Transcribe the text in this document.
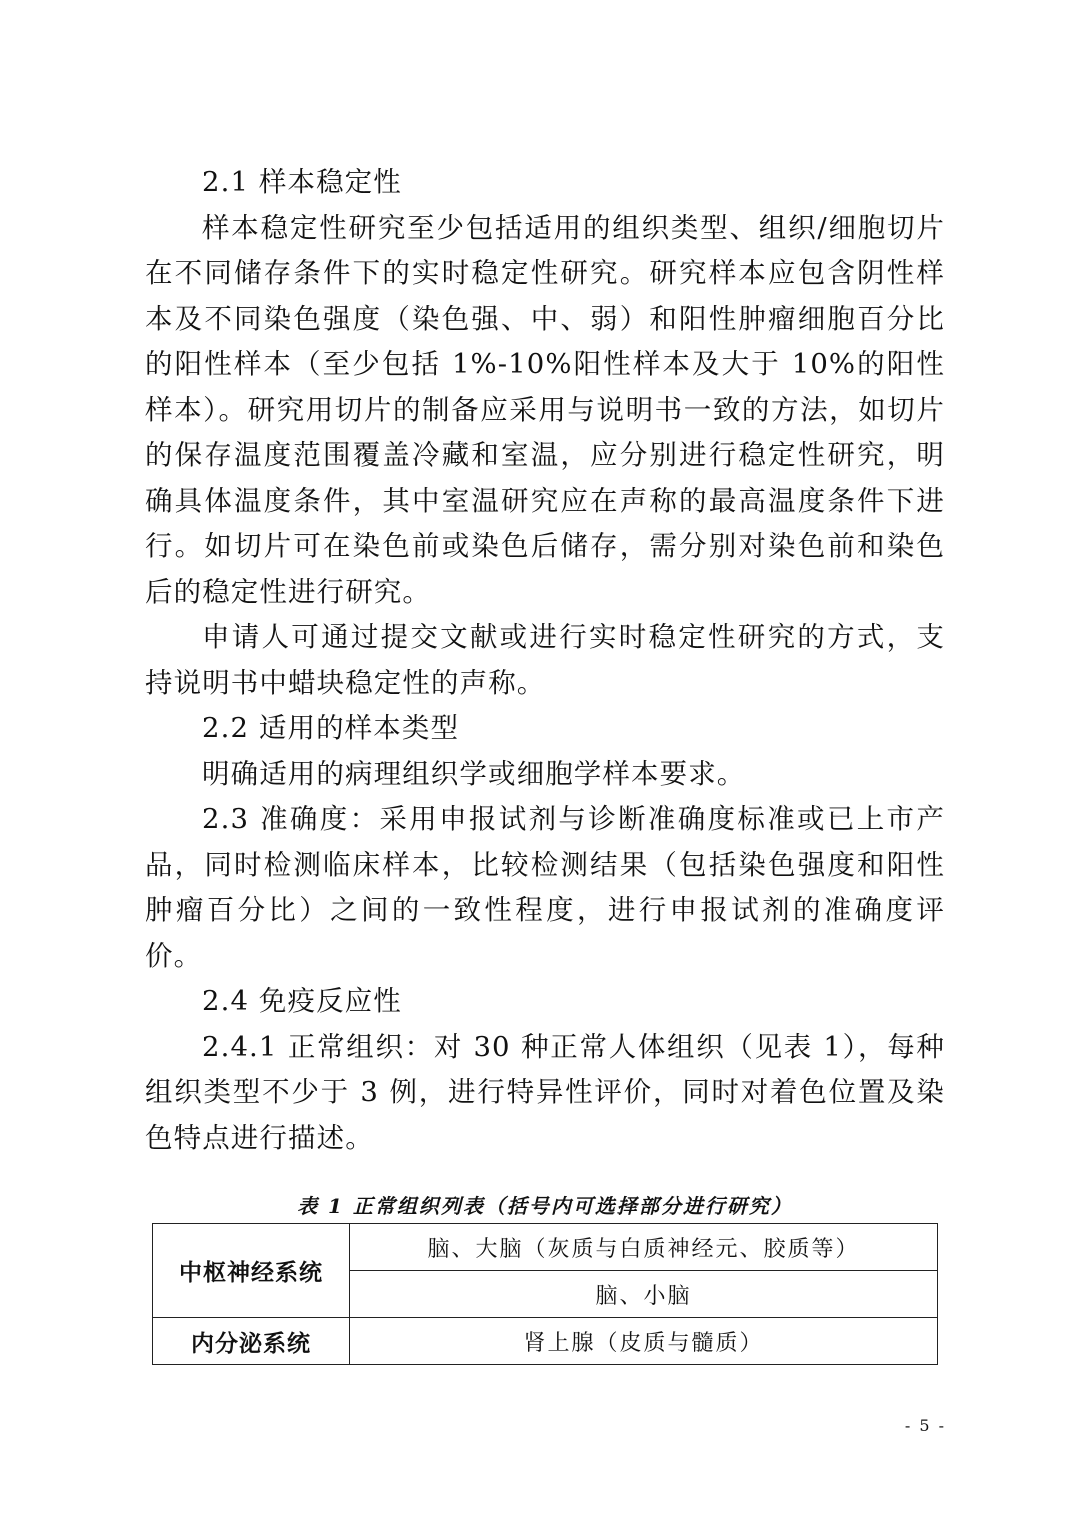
2.1 样本稳定性

样本稳定性研究至少包括适用的组织类型、组织/细胞切片在不同储存条件下的实时稳定性研究。研究样本应包含阴性样本及不同染色强度（染色强、中、弱）和阳性肿瘤细胞百分比的阳性样本（至少包括 1%-10%阳性样本及大于 10%的阳性样本）。研究用切片的制备应采用与说明书一致的方法，如切片的保存温度范围覆盖冷藏和室温，应分别进行稳定性研究，明确具体温度条件，其中室温研究应在声称的最高温度条件下进行。如切片可在染色前或染色后储存，需分别对染色前和染色后的稳定性进行研究。

申请人可通过提交文献或进行实时稳定性研究的方式，支持说明书中蜡块稳定性的声称。

2.2 适用的样本类型

明确适用的病理组织学或细胞学样本要求。

2.3 准确度：采用申报试剂与诊断准确度标准或已上市产品，同时检测临床样本，比较检测结果（包括染色强度和阳性肿瘤百分比）之间的一致性程度，进行申报试剂的准确度评价。

2.4 免疫反应性

2.4.1 正常组织：对 30 种正常人体组织（见表 1），每种组织类型不少于 3 例，进行特异性评价，同时对着色位置及染色特点进行描述。

表 1 正常组织列表（括号内可选择部分进行研究）
中枢神经系统	脑、大脑（灰质与白质神经元、胶质等）
	脑、小脑
内分泌系统	肾上腺（皮质与髓质）
- 5 -
